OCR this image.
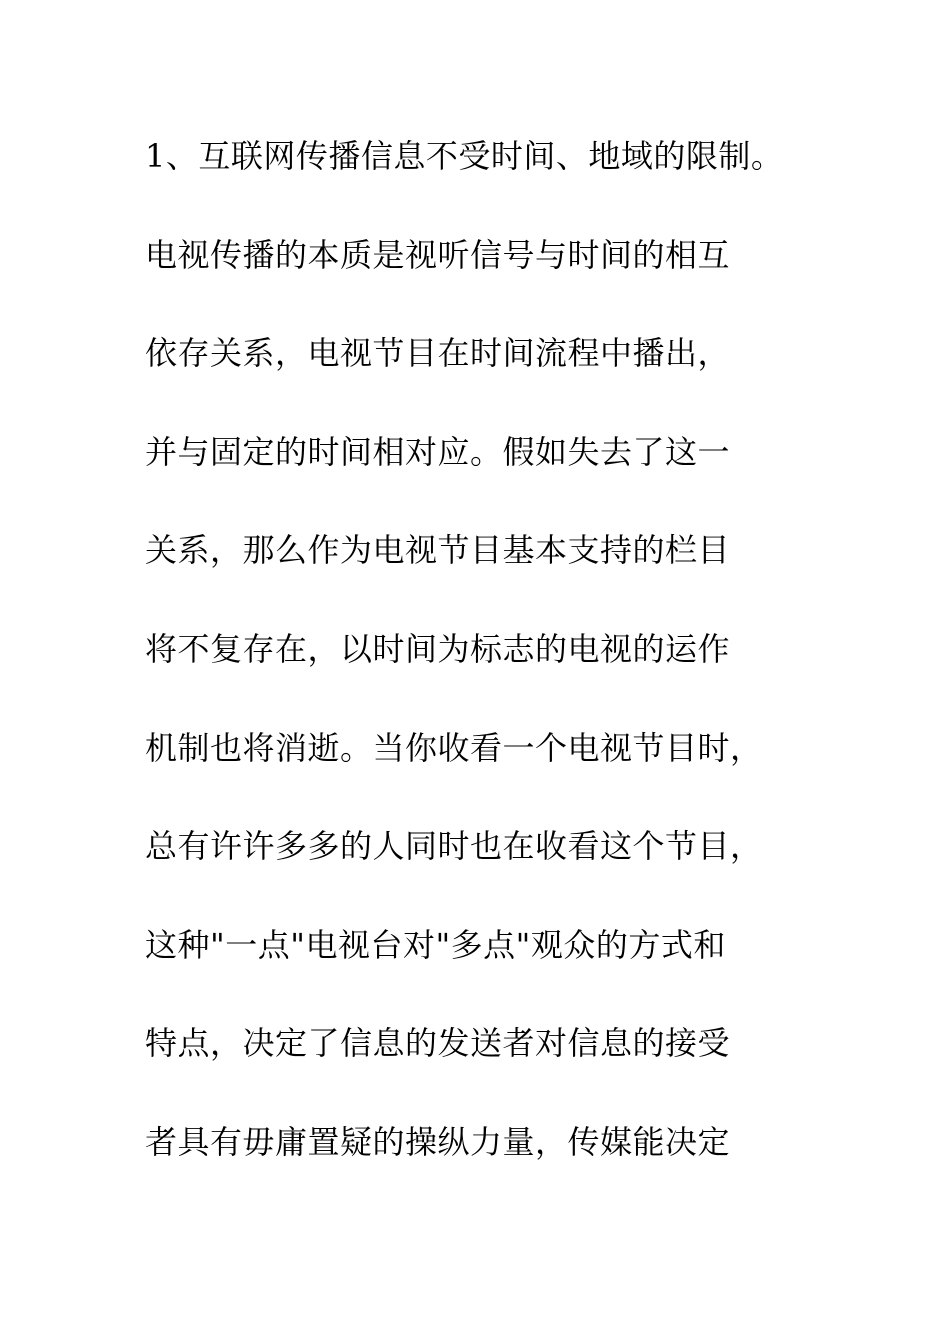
1、互联网传播信息不受时间、地域的限制。
电视传播的本质是视听信号与时间的相互
依存关系，电视节目在时间流程中播出，
并与固定的时间相对应。假如失去了这一
关系，那么作为电视节目基本支持的栏目
将不复存在，以时间为标志的电视的运作
机制也将消逝。当你收看一个电视节目时，
总有许许多多的人同时也在收看这个节目，
这种"一点"电视台对"多点"观众的方式和
特点，决定了信息的发送者对信息的接受
者具有毋庸置疑的操纵力量，传媒能决定
